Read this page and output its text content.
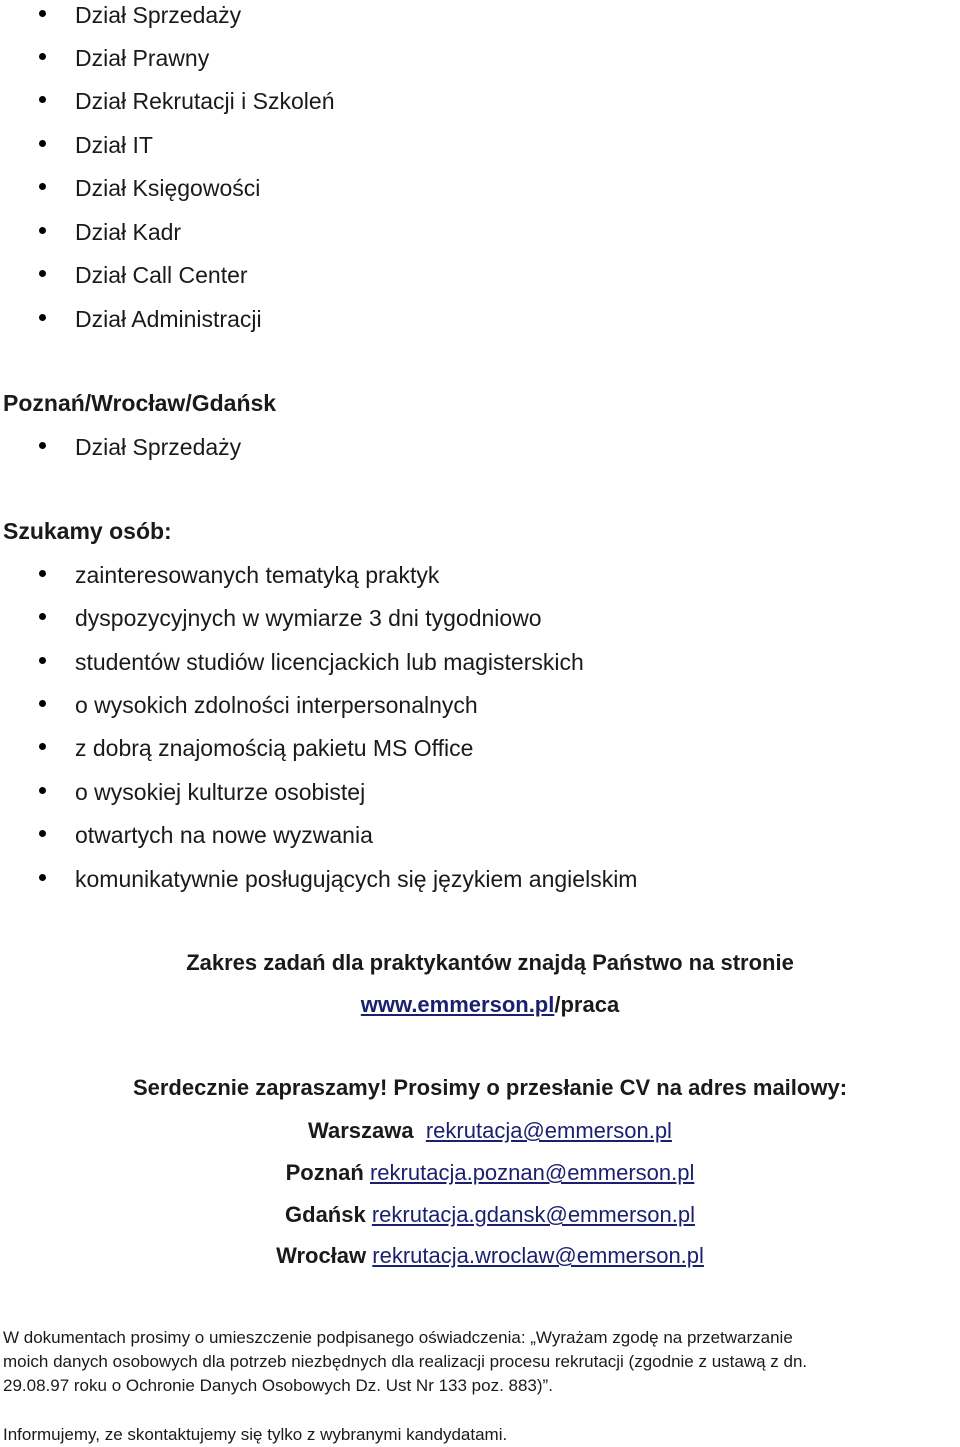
Dział Sprzedaży
Dział Prawny
Dział Rekrutacji i Szkoleń
Dział IT
Dział Księgowości
Dział Kadr
Dział Call Center
Dział Administracji
Poznań/Wrocław/Gdańsk
Dział Sprzedaży
Szukamy osób:
zainteresowanych tematyką praktyk
dyspozycyjnych w wymiarze 3 dni tygodniowo
studentów studiów licencjackich lub magisterskich
o wysokich zdolności interpersonalnych
z dobrą znajomością pakietu MS Office
o wysokiej kulturze osobistej
otwartych na nowe wyzwania
komunikatywnie posługujących się językiem angielskim
Zakres zadań dla praktykantów znajdą Państwo na stronie
www.emmerson.pl/praca
Serdecznie zapraszamy! Prosimy o przesłanie CV na adres mailowy:
Warszawa rekrutacja@emmerson.pl
Poznań rekrutacja.poznan@emmerson.pl
Gdańsk rekrutacja.gdansk@emmerson.pl
Wrocław rekrutacja.wroclaw@emmerson.pl
W dokumentach prosimy o umieszczenie podpisanego oświadczenia: „Wyrażam zgodę na przetwarzanie
moich danych osobowych dla potrzeb niezbędnych dla realizacji procesu rekrutacji (zgodnie z ustawą z dn.
29.08.97 roku o Ochronie Danych Osobowych Dz. Ust Nr 133 poz. 883)”.
Informujemy, ze skontaktujemy się tylko z wybranymi kandydatami.
